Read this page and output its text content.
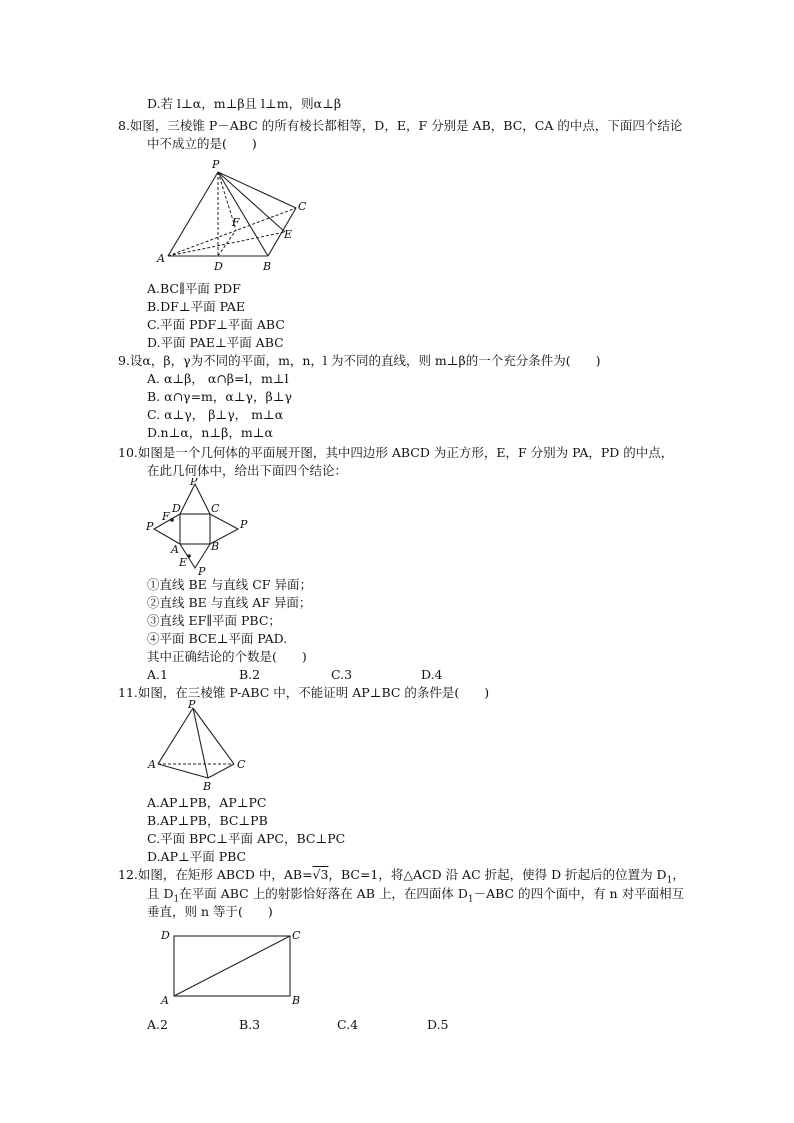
D.若 l⊥α，m⊥β且 l⊥m，则α⊥β
8.如图，三棱锥 P－ABC 的所有棱长都相等，D，E，F 分别是 AB，BC，CA 的中点，下面四个结论
中不成立的是(　　)
P
C
F
E
A
D	B
A.BC∥平面 PDF
B.DF⊥平面 PAE
C.平面 PDF⊥平面 ABC
D.平面 PAE⊥平面 ABC
9.设α，β，γ为不同的平面，m，n，l 为不同的直线，则 m⊥β的一个充分条件为(　　)
A. α⊥β， α∩β=l，m⊥l
B. α∩γ=m，α⊥γ，β⊥γ
C. α⊥γ， β⊥γ， m⊥α
D.n⊥α，n⊥β，m⊥α
10.如图是一个几何体的平面展开图，其中四边形 ABCD 为正方形，E，F 分别为 PA，PD 的中点，
在此几何体中，给出下面四个结论：
P
P
P
P
D	C
A	B
F
E
①直线 BE 与直线 CF 异面；
②直线 BE 与直线 AF 异面；
③直线 EF∥平面 PBC；
④平面 BCE⊥平面 PAD.
其中正确结论的个数是(　　)
A.1	B.2	C.3	D.4
11.如图，在三棱锥 P-ABC 中，不能证明 AP⊥BC 的条件是(　　)
P
A	C
B
A.AP⊥PB，AP⊥PC
B.AP⊥PB，BC⊥PB
C.平面 BPC⊥平面 APC，BC⊥PC
D.AP⊥平面 PBC
12.如图，在矩形 ABCD 中，AB=√3，BC=1，将△ACD 沿 AC 折起，使得 D 折起后的位置为 $D_1$，
且 $D_1$在平面 ABC 上的射影恰好落在 AB 上，在四面体 $D_1-ABC$ 的四个面中，有 n 对平面相互
垂直，则 n 等于(　　)
D	C
A	B
A.2	B.3	C.4	D.5
